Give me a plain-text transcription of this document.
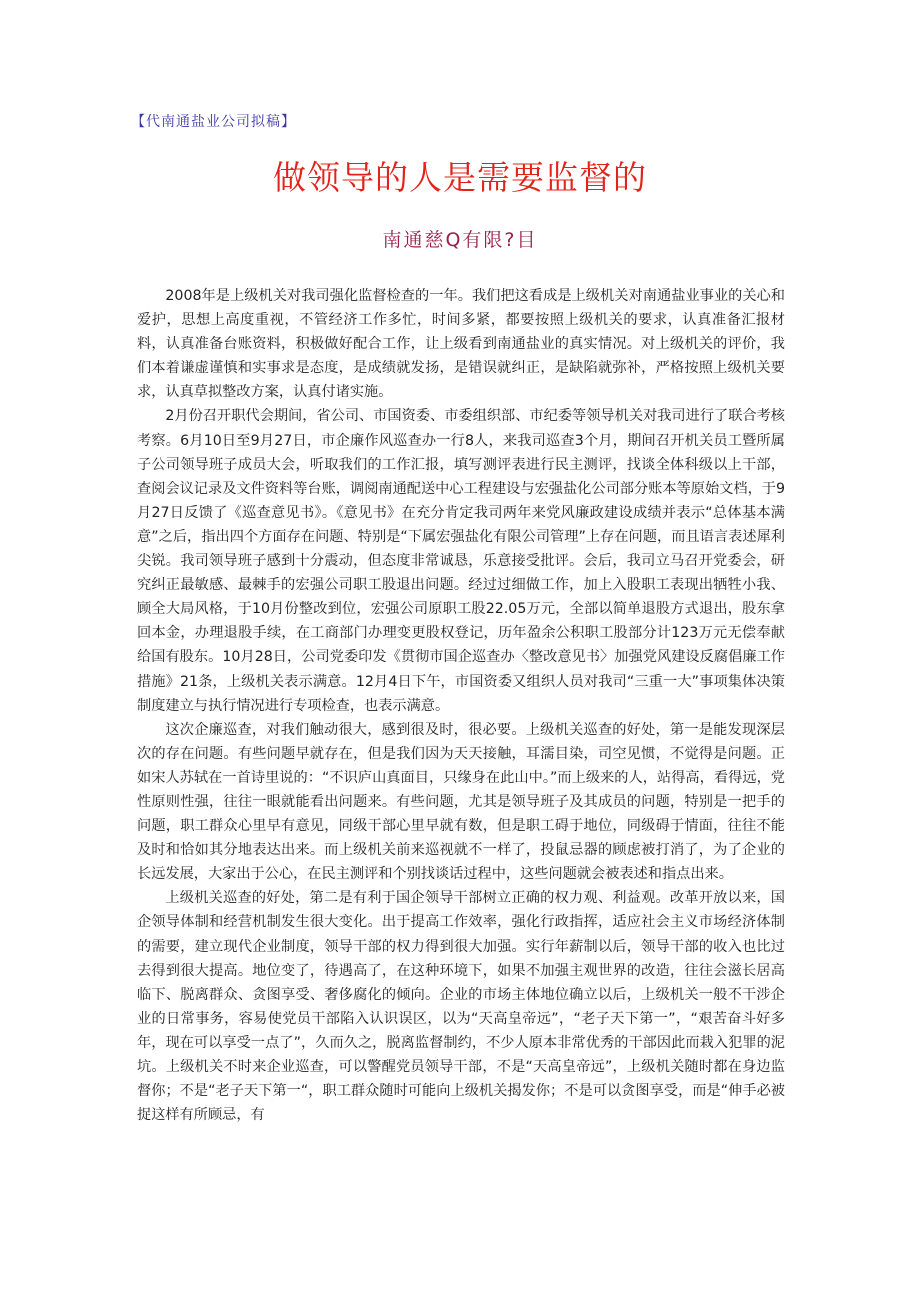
【代南通盐业公司拟稿】
做领导的人是需要监督的
南通慈Q有限?目

2008年是上级机关对我司强化监督检查的一年。我们把这看成是上级机关对南通盐业事业的关心和爱护，思想上高度重视，不管经济工作多忙，时间多紧，都要按照上级机关的要求，认真准备汇报材料，认真准备台账资料，积极做好配合工作，让上级看到南通盐业的真实情况。对上级机关的评价，我们本着谦虚谨慎和实事求是态度，是成绩就发扬，是错误就纠正，是缺陷就弥补，严格按照上级机关要求，认真草拟整改方案，认真付诸实施。

2月份召开职代会期间，省公司、市国资委、市委组织部、市纪委等领导机关对我司进行了联合考核考察。6月10日至9月27日，市企廉作风巡查办一行8人，来我司巡查3个月，期间召开机关员工暨所属子公司领导班子成员大会，听取我们的工作汇报，填写测评表进行民主测评，找谈全体科级以上干部，查阅会议记录及文件资料等台账，调阅南通配送中心工程建设与宏强盐化公司部分账本等原始文档，于9月27日反馈了《巡查意见书》。《意见书》在充分肯定我司两年来党风廉政建设成绩并表示“总体基本满意”之后，指出四个方面存在问题、特别是“下属宏强盐化有限公司管理”上存在问题，而且语言表述犀利尖锐。我司领导班子感到十分震动，但态度非常诚恳，乐意接受批评。会后，我司立马召开党委会，研究纠正最敏感、最棘手的宏强公司职工股退出问题。经过过细做工作，加上入股职工表现出牺牲小我、顾全大局风格，于10月份整改到位，宏强公司原职工股22.05万元，全部以简单退股方式退出，股东拿回本金，办理退股手续，在工商部门办理变更股权登记，历年盈余公积职工股部分计123万元无偿奉献给国有股东。10月28日，公司党委印发《贯彻市国企巡查办〈整改意见书〉加强党风建设反腐倡廉工作措施》21条，上级机关表示满意。12月4日下午，市国资委又组织人员对我司“三重一大”事项集体决策制度建立与执行情况进行专项检查，也表示满意。

这次企廉巡查，对我们触动很大，感到很及时，很必要。上级机关巡查的好处，第一是能发现深层次的存在问题。有些问题早就存在，但是我们因为天天接触，耳濡目染，司空见惯，不觉得是问题。正如宋人苏轼在一首诗里说的：“不识庐山真面目，只缘身在此山中。”而上级来的人，站得高，看得远，党性原则性强，往往一眼就能看出问题来。有些问题，尤其是领导班子及其成员的问题，特别是一把手的问题，职工群众心里早有意见，同级干部心里早就有数，但是职工碍于地位，同级碍于情面，往往不能及时和恰如其分地表达出来。而上级机关前来巡视就不一样了，投鼠忌器的顾虑被打消了，为了企业的长远发展，大家出于公心，在民主测评和个别找谈话过程中，这些问题就会被表述和指点出来。

上级机关巡查的好处，第二是有利于国企领导干部树立正确的权力观、利益观。改革开放以来，国企领导体制和经营机制发生很大变化。出于提高工作效率，强化行政指挥，适应社会主义市场经济体制的需要，建立现代企业制度，领导干部的权力得到很大加强。实行年薪制以后，领导干部的收入也比过去得到很大提高。地位变了，待遇高了，在这种环境下，如果不加强主观世界的改造，往往会滋长居高临下、脱离群众、贪图享受、奢侈腐化的倾向。企业的市场主体地位确立以后，上级机关一般不干涉企业的日常事务，容易使党员干部陷入认识误区，以为“天高皇帝远”，“老子天下第一”，“艰苦奋斗好多年，现在可以享受一点了”，久而久之，脱离监督制约，不少人原本非常优秀的干部因此而栽入犯罪的泥坑。上级机关不时来企业巡查，可以警醒党员领导干部，不是“天高皇帝远”，上级机关随时都在身边监督你；不是“老子天下第一“，职工群众随时可能向上级机关揭发你；不是可以贪图享受，而是“伸手必被捉这样有所顾忌，有
